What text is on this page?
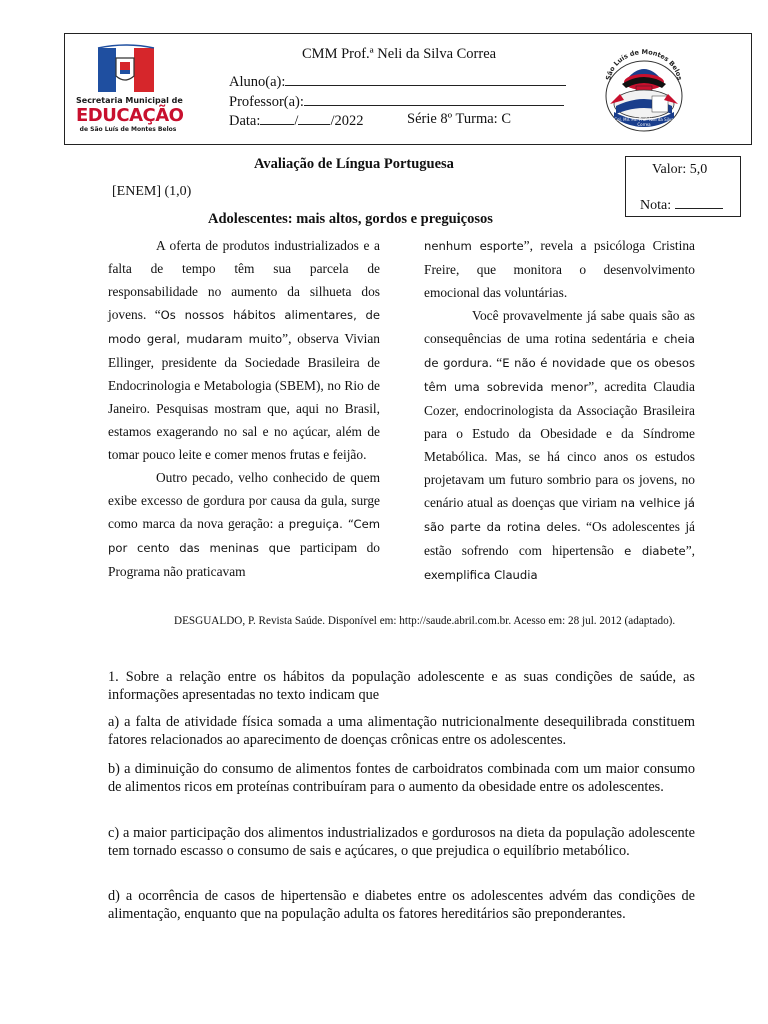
Secretaria Municipal de
EDUCAÇÃO
de São Luís de Montes Belos
CMM Prof.ª Neli da Silva Correa
Aluno(a):
Professor(a):
Data: / /2022	Série 8º Turma: C
São Luís de Montes Belos
Col. Mil. Mt. Prof. Neli da Silva Correa
Avaliação de Língua Portuguesa
[ENEM] (1,0)
Valor: 5,0
Nota:
Adolescentes: mais altos, gordos e preguiçosos

A oferta de produtos industrializados e a falta de tempo têm sua parcela de responsabilidade no aumento da silhueta dos jovens. “Os nossos hábitos alimentares, de modo geral, mudaram muito”, observa Vivian Ellinger, presidente da Sociedade Brasileira de Endocrinologia e Metabologia (SBEM), no Rio de Janeiro. Pesquisas mostram que, aqui no Brasil, estamos exagerando no sal e no açúcar, além de tomar pouco leite e comer menos frutas e feijão.

Outro pecado, velho conhecido de quem exibe excesso de gordura por causa da gula, surge como marca da nova geração: a preguiça. “Cem por cento das meninas que participam do Programa não praticavam

nenhum esporte”, revela a psicóloga Cristina Freire, que monitora o desenvolvimento emocional das voluntárias.

Você provavelmente já sabe quais são as consequências de uma rotina sedentária e cheia de gordura. “E não é novidade que os obesos têm uma sobrevida menor”, acredita Claudia Cozer, endocrinologista da Associação Brasileira para o Estudo da Obesidade e da Síndrome Metabólica. Mas, se há cinco anos os estudos projetavam um futuro sombrio para os jovens, no cenário atual as doenças que viriam na velhice já são parte da rotina deles. “Os adolescentes já estão sofrendo com hipertensão e diabete”, exemplifica Claudia

DESGUALDO, P. Revista Saúde. Disponível em: http://saude.abril.com.br. Acesso em: 28 jul. 2012 (adaptado).

1. Sobre a relação entre os hábitos da população adolescente e as suas condições de saúde, as informações apresentadas no texto indicam que

a) a falta de atividade física somada a uma alimentação nutricionalmente desequilibrada constituem fatores relacionados ao aparecimento de doenças crônicas entre os adolescentes.

b) a diminuição do consumo de alimentos fontes de carboidratos combinada com um maior consumo de alimentos ricos em proteínas contribuíram para o aumento da obesidade entre os adolescentes.

c) a maior participação dos alimentos industrializados e gordurosos na dieta da população adolescente tem tornado escasso o consumo de sais e açúcares, o que prejudica o equilíbrio metabólico.

d) a ocorrência de casos de hipertensão e diabetes entre os adolescentes advém das condições de alimentação, enquanto que na população adulta os fatores hereditários são preponderantes.
